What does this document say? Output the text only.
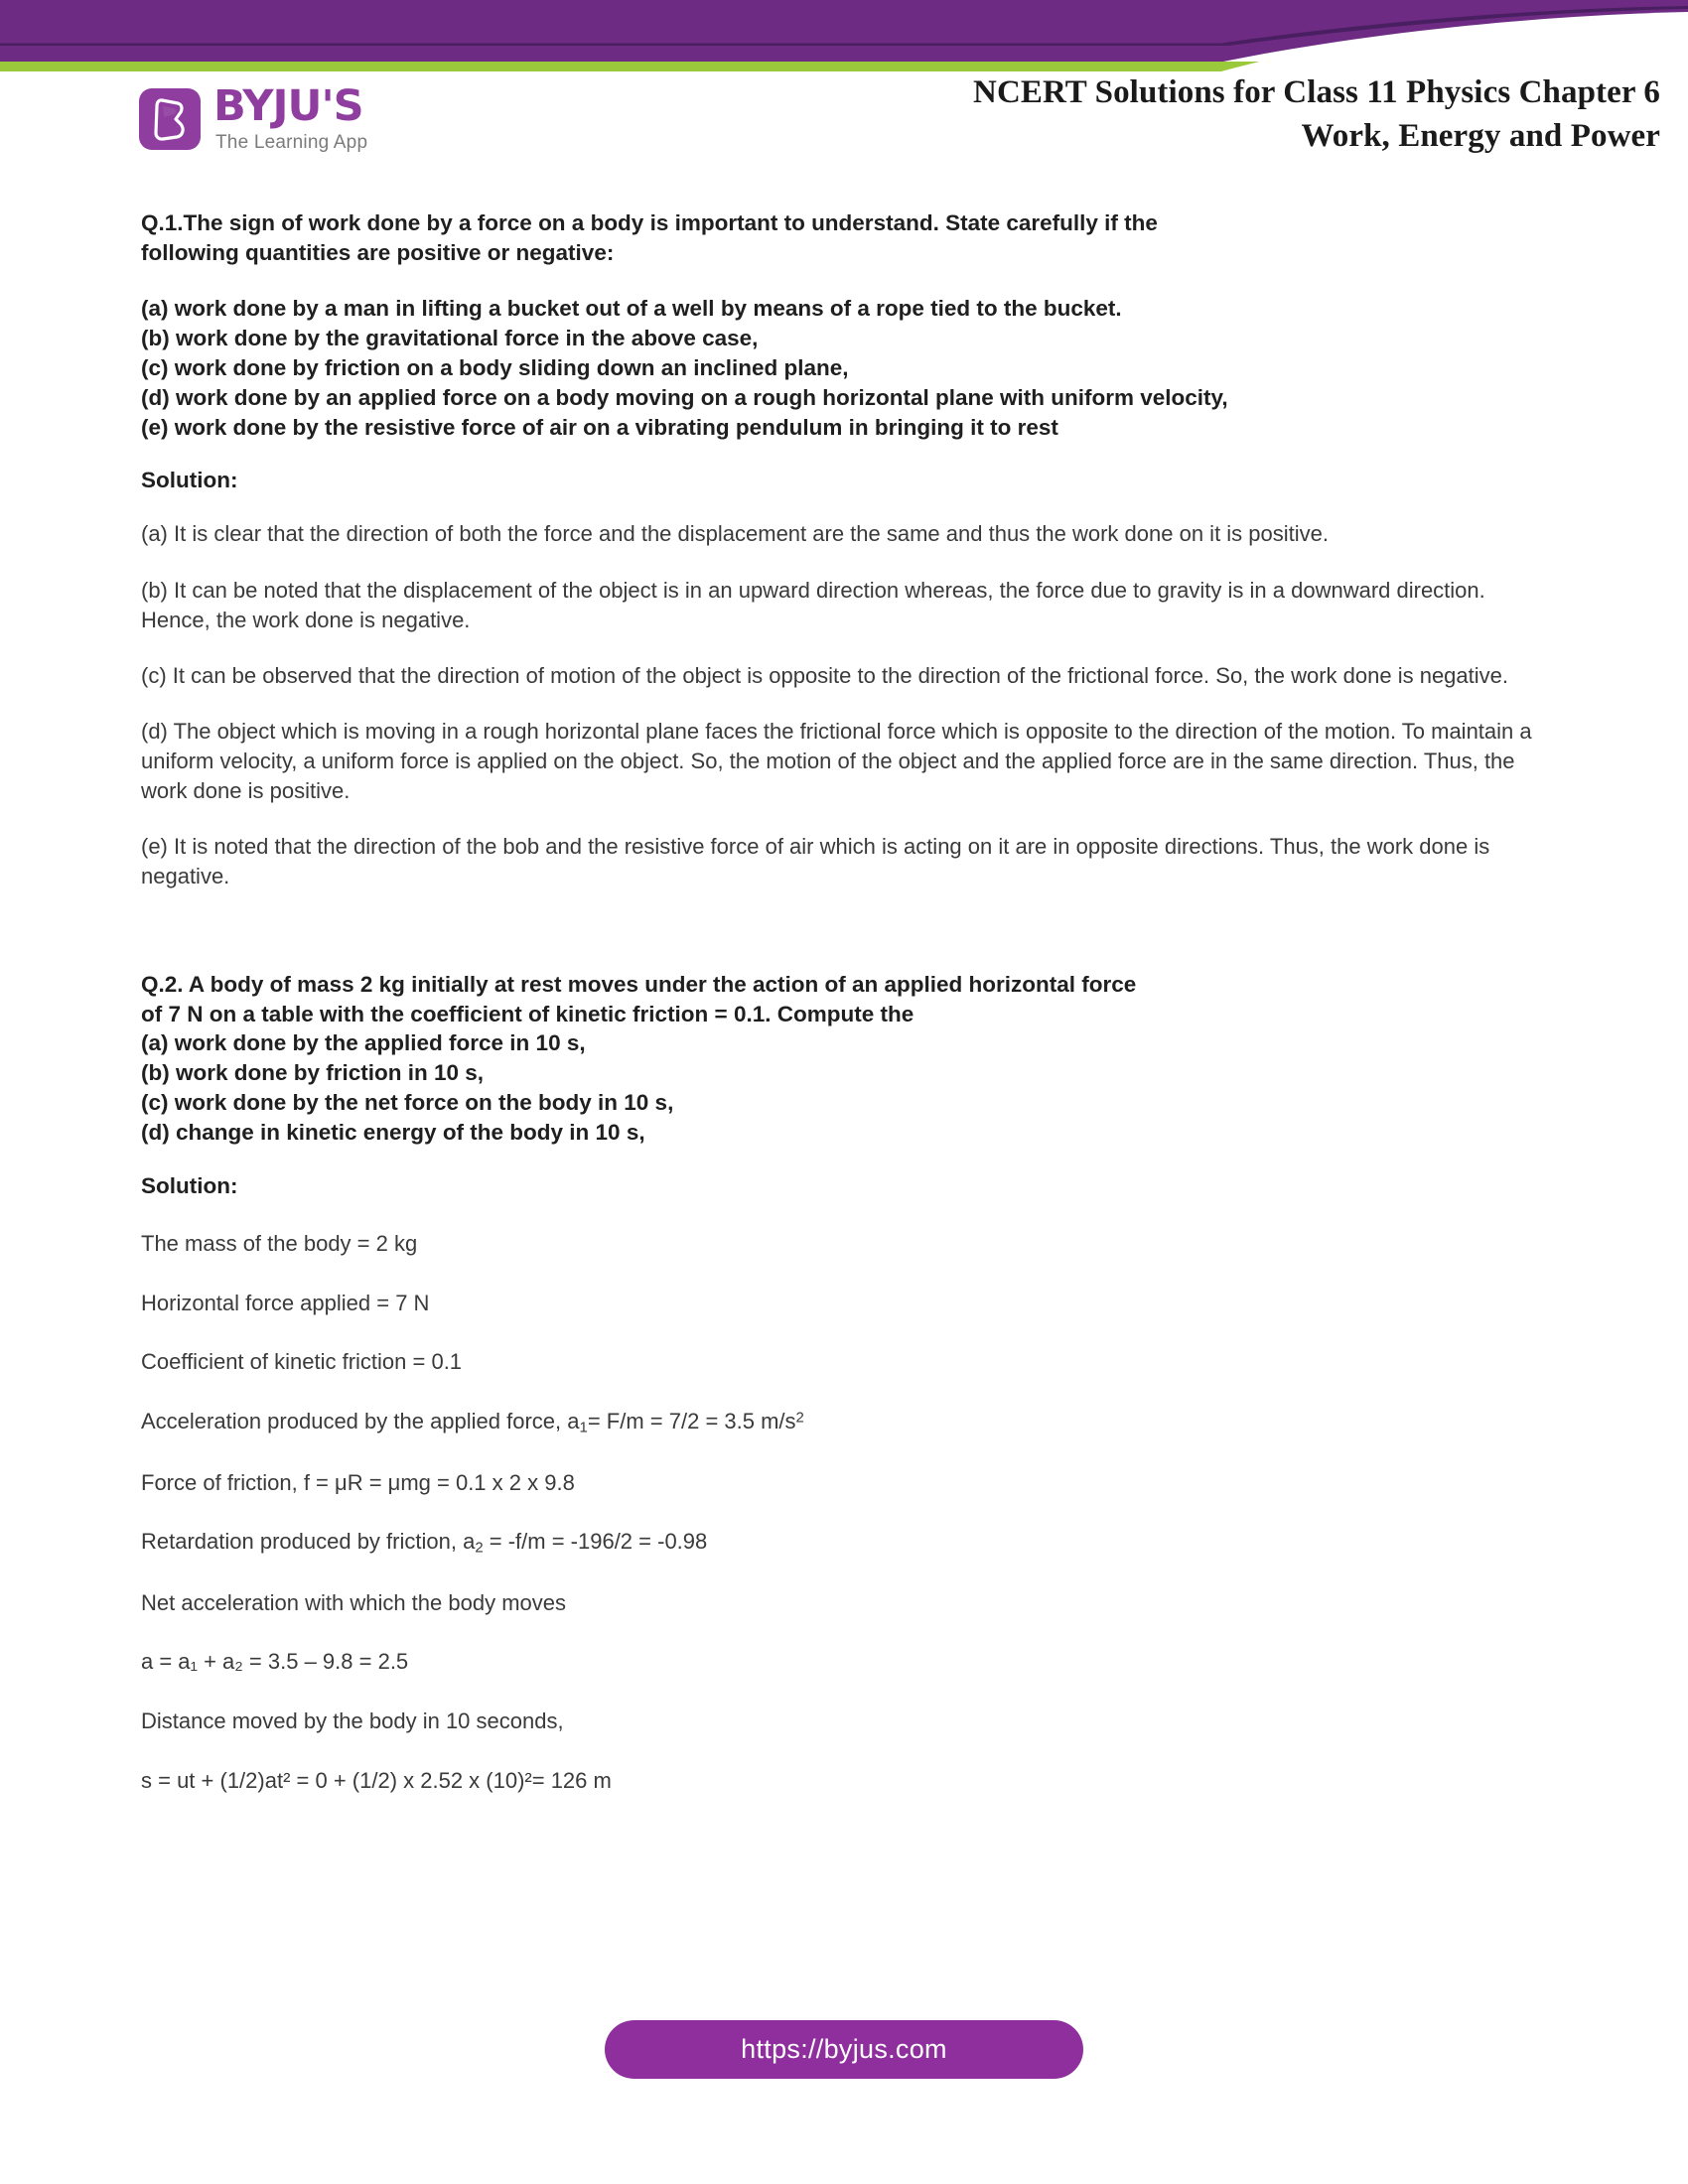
BYJU'S
The Learning App
NCERT Solutions for Class 11 Physics Chapter 6
Work, Energy and Power
Q.1.The sign of work done by a force on a body is important to understand. State carefully if the
following quantities are positive or negative:
(a) work done by a man in lifting a bucket out of a well by means of a rope tied to the bucket.
(b) work done by the gravitational force in the above case,
(c) work done by friction on a body sliding down an inclined plane,
(d) work done by an applied force on a body moving on a rough horizontal plane with uniform velocity,
(e) work done by the resistive force of air on a vibrating pendulum in bringing it to rest

Solution:

(a) It is clear that the direction of both the force and the displacement are the same and thus the work done on it is positive.

(b) It can be noted that the displacement of the object is in an upward direction whereas, the force due to gravity is in a downward direction. Hence, the work done is negative.

(c) It can be observed that the direction of motion of the object is opposite to the direction of the frictional force. So, the work done is negative.

(d) The object which is moving in a rough horizontal plane faces the frictional force which is opposite to the direction of the motion. To maintain a uniform velocity, a uniform force is applied on the object. So, the motion of the object and the applied force are in the same direction. Thus, the work done is positive.

(e) It is noted that the direction of the bob and the resistive force of air which is acting on it are in opposite directions. Thus, the work done is negative.

Q.2. A body of mass 2 kg initially at rest moves under the action of an applied horizontal force
of 7 N on a table with the coefficient of kinetic friction = 0.1. Compute the
(a) work done by the applied force in 10 s,
(b) work done by friction in 10 s,
(c) work done by the net force on the body in 10 s,
(d) change in kinetic energy of the body in 10 s,

Solution:

The mass of the body = 2 kg

Horizontal force applied = 7 N

Coefficient of kinetic friction = 0.1

Acceleration produced by the applied force, $a_1= F/m = 7/2 = 3.5$ $m/s^2$

Force of friction, f = μR = μmg = 0.1 x 2 x 9.8

Retardation produced by friction, $a_2 = -f/m = -196/2 = -0.98$

Net acceleration with which the body moves

a = a₁ + a₂ = 3.5 – 9.8 = 2.5

Distance moved by the body in 10 seconds,

s = ut + (1/2)at² = 0 + (1/2) x 2.52 x (10)²= 126 m

https://byjus.com
